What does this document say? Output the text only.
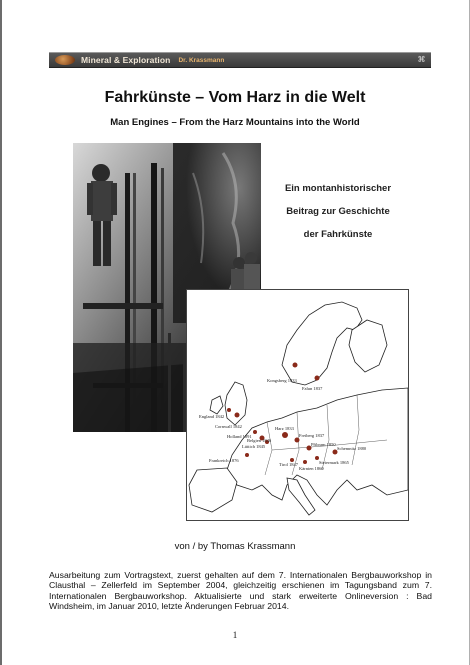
Mineral & Exploration Dr. Krassmann	⌘
Fahrkünste – Vom Harz in die Welt
Man Engines – From the Harz Mountains into the World
Ein montanhistorischer
Beitrag zur Geschichte
der Fahrkünste
Kongsberg 1833
Falun 1837
Harz 1833
Lüttich 1845
Cornwall 1842
Freiberg 1837
Přibram 1850
Schemnitz 1880
Holland 1891
Belgien 1846
Frankreich 1876
Tirol 1847
Kärnten 1860
England 1842
Steiermark 1865
von / by Thomas Krassmann
Ausarbeitung zum Vortragstext, zuerst gehalten auf dem 7. Internationalen Bergbauworkshop in Clausthal – Zellerfeld im September 2004, gleichzeitig erschienen im Tagungsband zum 7. Internationalen Bergbauworkshop. Aktualisierte und stark erweiterte Onlineversion : Bad Windsheim, im Januar 2010, letzte Änderungen Februar 2014.
1
